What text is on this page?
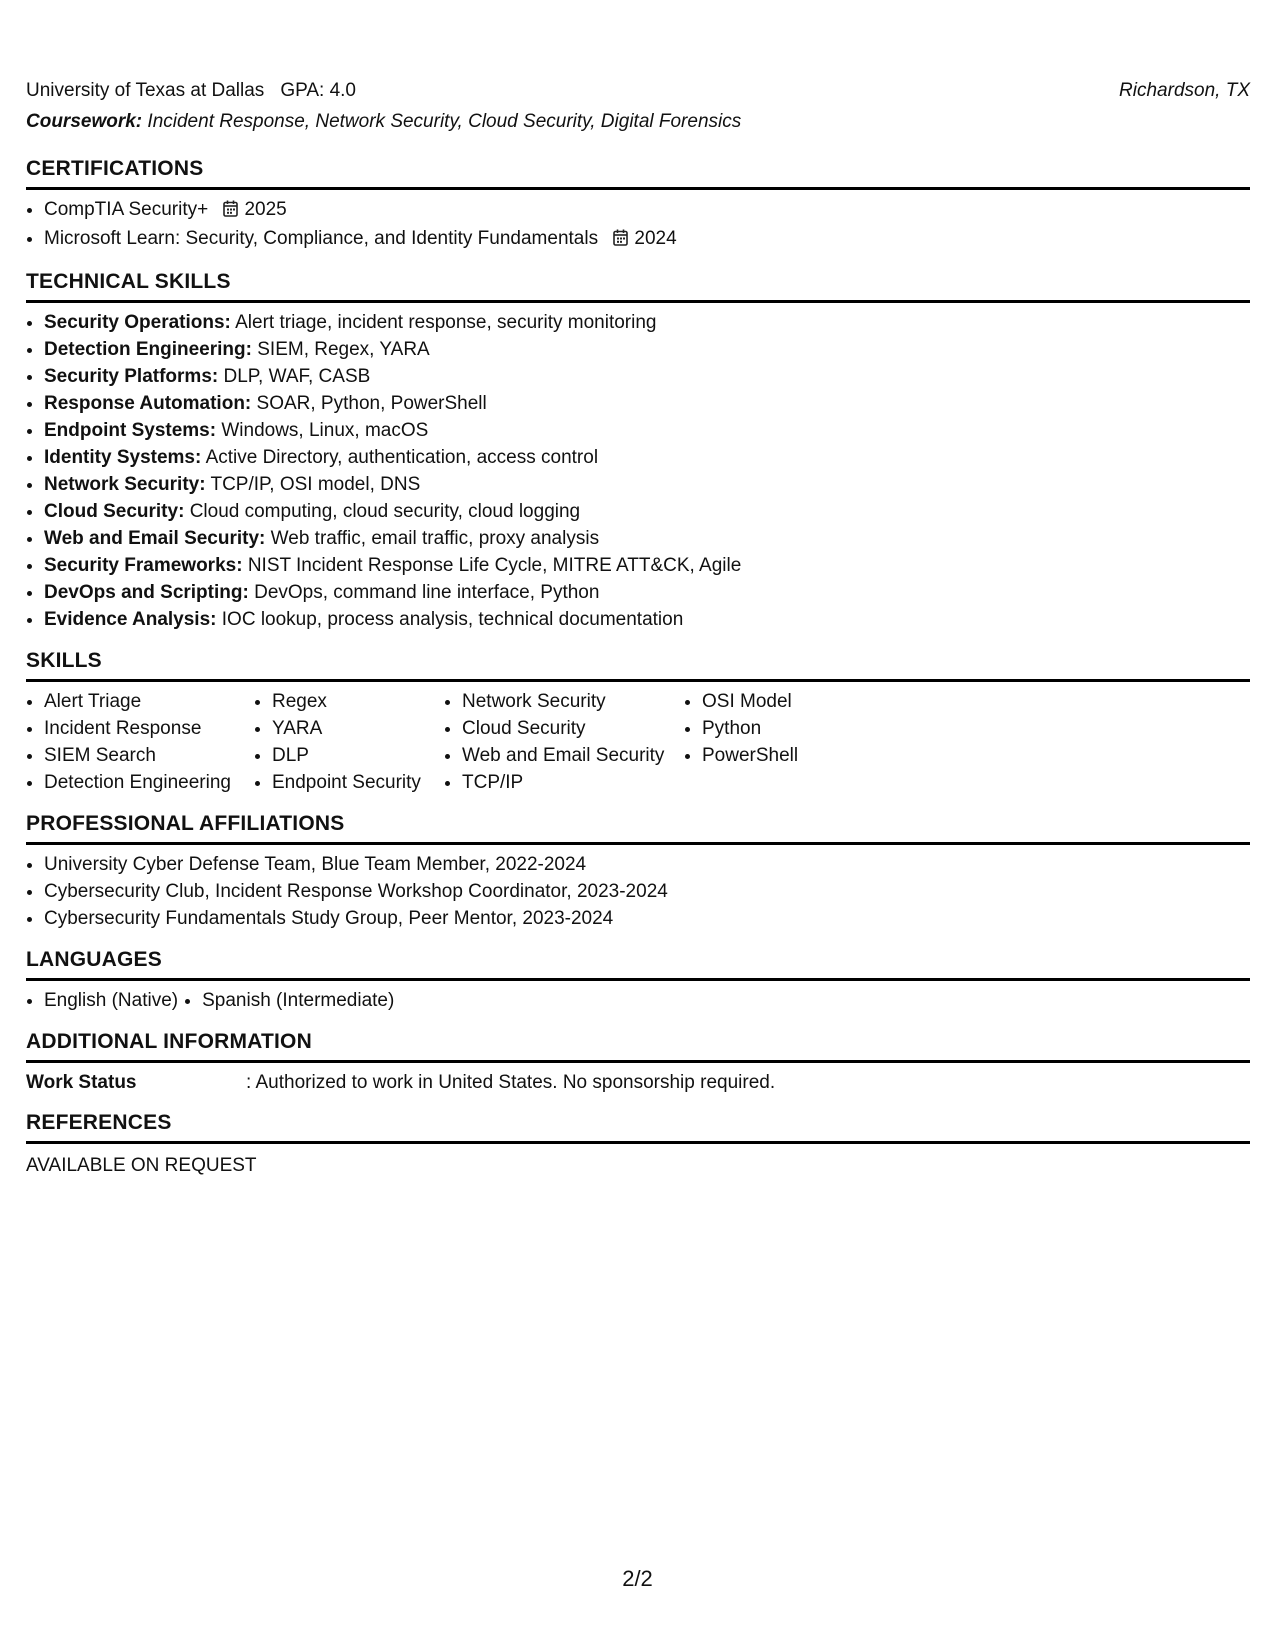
University of Texas at Dallas GPA: 4.0	Richardson, TX
Coursework: Incident Response, Network Security, Cloud Security, Digital Forensics
CERTIFICATIONS
• CompTIA Security+ 2025
• Microsoft Learn: Security, Compliance, and Identity Fundamentals 2024
TECHNICAL SKILLS
• Security Operations: Alert triage, incident response, security monitoring
• Detection Engineering: SIEM, Regex, YARA
• Security Platforms: DLP, WAF, CASB
• Response Automation: SOAR, Python, PowerShell
• Endpoint Systems: Windows, Linux, macOS
• Identity Systems: Active Directory, authentication, access control
• Network Security: TCP/IP, OSI model, DNS
• Cloud Security: Cloud computing, cloud security, cloud logging
• Web and Email Security: Web traffic, email traffic, proxy analysis
• Security Frameworks: NIST Incident Response Life Cycle, MITRE ATT&CK, Agile
• DevOps and Scripting: DevOps, command line interface, Python
• Evidence Analysis: IOC lookup, process analysis, technical documentation
SKILLS
• Alert Triage
• Incident Response
• SIEM Search
• Detection Engineering
• Regex
• YARA
• DLP
• Endpoint Security
• Network Security
• Cloud Security
• Web and Email Security
• TCP/IP
• OSI Model
• Python
• PowerShell
PROFESSIONAL AFFILIATIONS
• University Cyber Defense Team, Blue Team Member, 2022-2024
• Cybersecurity Club, Incident Response Workshop Coordinator, 2023-2024
• Cybersecurity Fundamentals Study Group, Peer Mentor, 2023-2024
LANGUAGES
• English (Native)
• Spanish (Intermediate)
ADDITIONAL INFORMATION
Work Status	: Authorized to work in United States. No sponsorship required.
REFERENCES
AVAILABLE ON REQUEST
2/2
